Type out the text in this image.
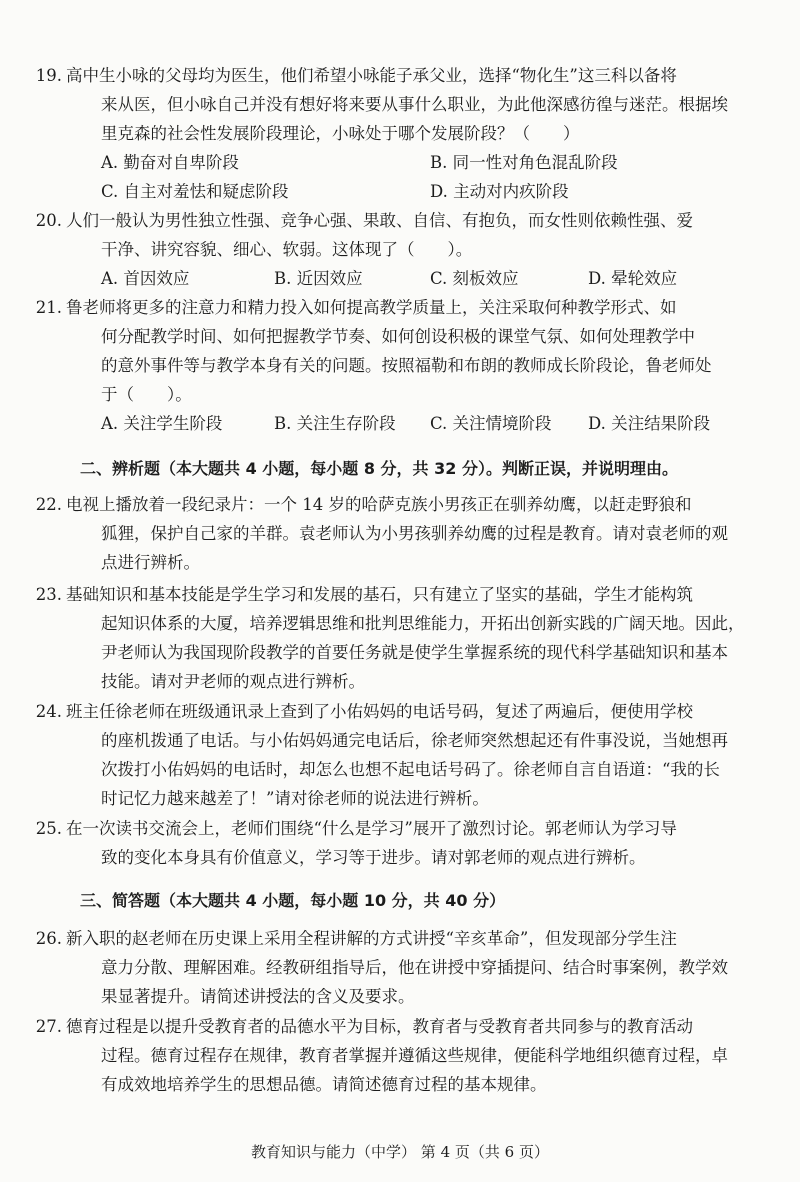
19. 高中生小咏的父母均为医生，他们希望小咏能子承父业，选择“物化生”这三科以备将
来从医，但小咏自己并没有想好将来要从事什么职业，为此他深感彷徨与迷茫。根据埃
里克森的社会性发展阶段理论，小咏处于哪个发展阶段？（　　）
A. 勤奋对自卑阶段	B. 同一性对角色混乱阶段
C. 自主对羞怯和疑虑阶段	D. 主动对内疚阶段
20. 人们一般认为男性独立性强、竞争心强、果敢、自信、有抱负，而女性则依赖性强、爱
干净、讲究容貌、细心、软弱。这体现了（　　）。
A. 首因效应	B. 近因效应	C. 刻板效应	D. 晕轮效应
21. 鲁老师将更多的注意力和精力投入如何提高教学质量上，关注采取何种教学形式、如
何分配教学时间、如何把握教学节奏、如何创设积极的课堂气氛、如何处理教学中
的意外事件等与教学本身有关的问题。按照福勒和布朗的教师成长阶段论，鲁老师处
于（　　）。
A. 关注学生阶段	B. 关注生存阶段	C. 关注情境阶段	D. 关注结果阶段
二、辨析题（本大题共 4 小题，每小题 8 分，共 32 分）。判断正误，并说明理由。
22. 电视上播放着一段纪录片：一个 14 岁的哈萨克族小男孩正在驯养幼鹰，以赶走野狼和
狐狸，保护自己家的羊群。袁老师认为小男孩驯养幼鹰的过程是教育。请对袁老师的观
点进行辨析。
23. 基础知识和基本技能是学生学习和发展的基石，只有建立了坚实的基础，学生才能构筑
起知识体系的大厦，培养逻辑思维和批判思维能力，开拓出创新实践的广阔天地。因此，
尹老师认为我国现阶段教学的首要任务就是使学生掌握系统的现代科学基础知识和基本
技能。请对尹老师的观点进行辨析。
24. 班主任徐老师在班级通讯录上查到了小佑妈妈的电话号码，复述了两遍后，便使用学校
的座机拨通了电话。与小佑妈妈通完电话后，徐老师突然想起还有件事没说，当她想再
次拨打小佑妈妈的电话时，却怎么也想不起电话号码了。徐老师自言自语道：“我的长
时记忆力越来越差了！”请对徐老师的说法进行辨析。
25. 在一次读书交流会上，老师们围绕“什么是学习”展开了激烈讨论。郭老师认为学习导
致的变化本身具有价值意义，学习等于进步。请对郭老师的观点进行辨析。
三、简答题（本大题共 4 小题，每小题 10 分，共 40 分）
26. 新入职的赵老师在历史课上采用全程讲解的方式讲授“辛亥革命”，但发现部分学生注
意力分散、理解困难。经教研组指导后，他在讲授中穿插提问、结合时事案例，教学效
果显著提升。请简述讲授法的含义及要求。
27. 德育过程是以提升受教育者的品德水平为目标，教育者与受教育者共同参与的教育活动
过程。德育过程存在规律，教育者掌握并遵循这些规律，便能科学地组织德育过程，卓
有成效地培养学生的思想品德。请简述德育过程的基本规律。
教育知识与能力（中学） 第 4 页（共 6 页）
